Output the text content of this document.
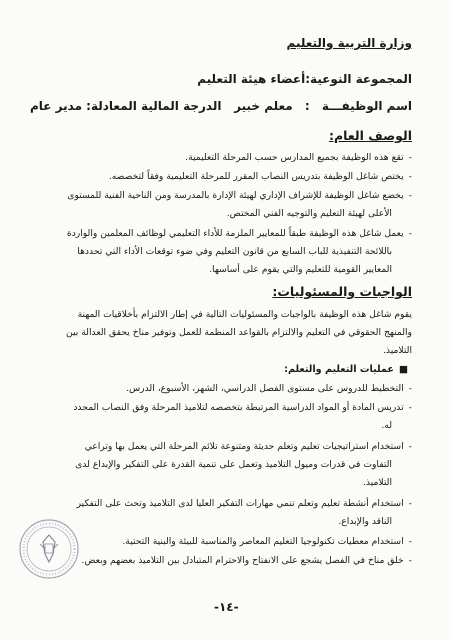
وزارة التربية والتعليم
المجموعة النوعية:أعضاء هيئة التعليم
اسم الوظيفـــة : معلم خبير
الدرجة المالية المعادلة: مدير عام
الوصف العام:
-تقع هذه الوظيفة بجميع المدارس حسب المرحلة التعليمية.
-يختص شاغل الوظيفة بتدريس النصاب المقرر للمرحلة التعليمية وفقاً لتخصصه.
-يخضع شاغل الوظيفة للإشراف الإداري لهيئة الإدارة بالمدرسة ومن الناحية الفنية للمستوى
الأعلى لهيئة التعليم والتوجيه الفني المختص.
-يعمل شاغل هذه الوظيفة طبقاً للمعايير الملزمة للأداء التعليمي لوظائف المعلمين والواردة
باللائحة التنفيذية للباب السابع من قانون التعليم وفي ضوء توقعات الأداء التي تحددها
المعايير القومية للتعليم والتي يقوم على أساسها.
الواجبات والمسئوليات:
يقوم شاغل هذه الوظيفة بالواجبات والمسئوليات التالية في إطار الالتزام بأخلاقيات المهنة
والمنهج الحقوقي في التعليم والالتزام بالقواعد المنظمة للعمل وتوفير مناخ يحقق العدالة بين
التلاميذ.
■عمليات التعليم والتعلم:
-التخطيط للدروس على مستوى الفصل الدراسي، الشهر، الأسبوع، الدرس.
-تدريس المادة أو المواد الدراسية المرتبطة بتخصصه لتلاميذ المرحلة وفق النصاب المحدد
له.
-استخدام استراتيجيات تعليم وتعلم حديثة ومتنوعة تلائم المرحلة التي يعمل بها وتراعي
التفاوت في قدرات وميول التلاميذ وتعمل على تنمية القدرة على التفكير والإبداع لدى
التلاميذ.
-استخدام أنشطة تعليم وتعلم تنمي مهارات التفكير العليا لدى التلاميذ وتحث على التفكير
الناقد والإبداع.
-استخدام معطيات تكنولوجيا التعليم المعاصر والمناسبة للبيئة والبنية التحتية.
-خلق مناخ في الفصل يشجع على الانفتاح والاحترام المتبادل بين التلاميذ بعضهم وبعض.
-١٤-
